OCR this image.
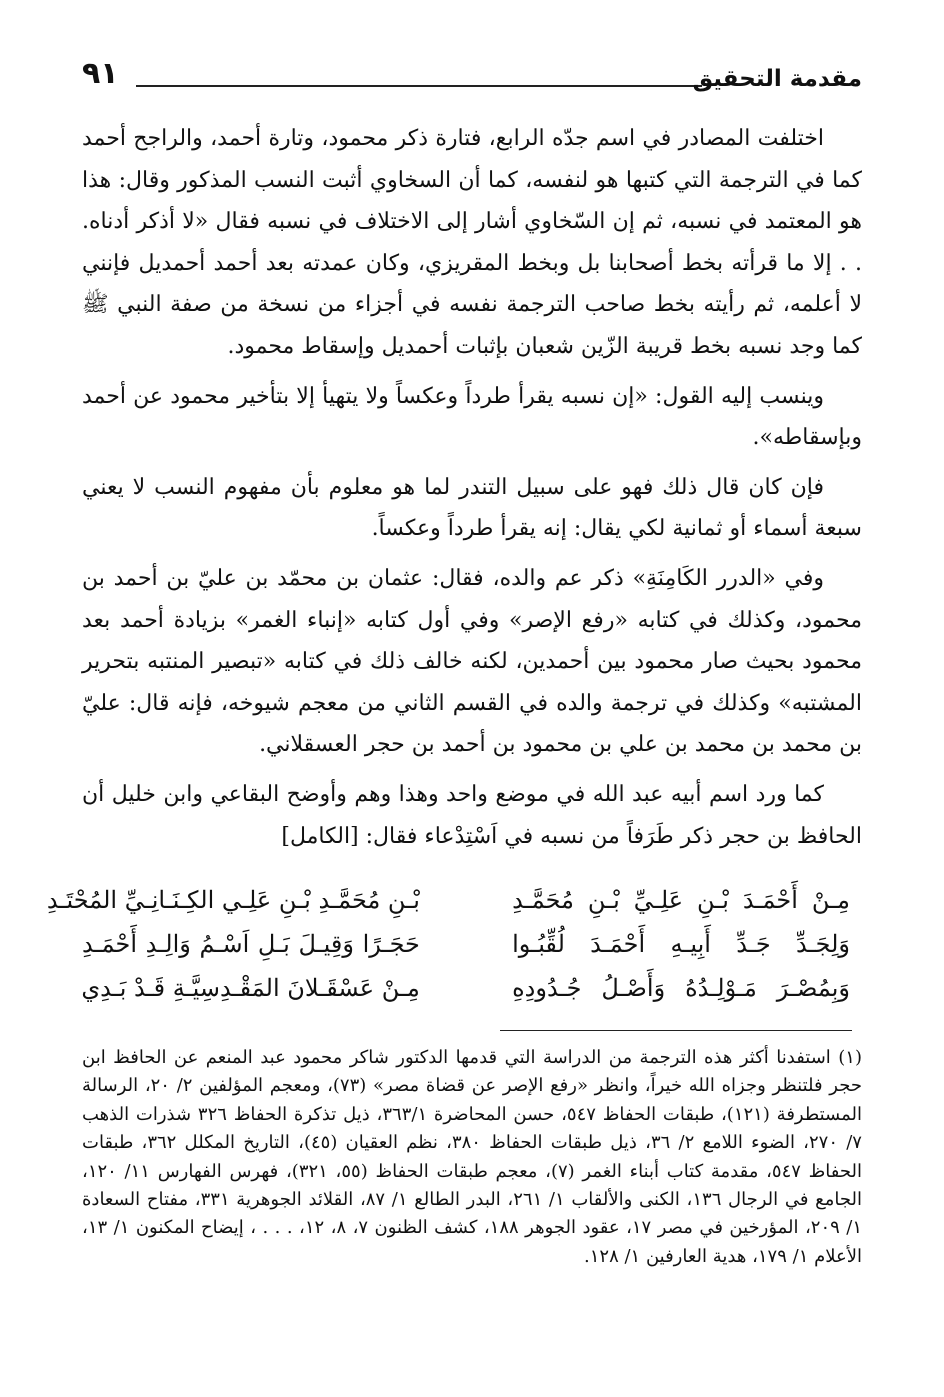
٩١	مقدمة التحقيق

اختلفت المصادر في اسم جدّه الرابع، فتارة ذكر محمود، وتارة أحمد، والراجح أحمد كما في الترجمة التي كتبها هو لنفسه، كما أن السخاوي أثبت النسب المذكور وقال: هذا هو المعتمد في نسبه، ثم إن السّخاوي أشار إلى الاختلاف في نسبه فقال «لا أذكر أدناه. . . إلا ما قرأته بخط أصحابنا بل وبخط المقريزي، وكان عمدته بعد أحمد أحمديل فإنني لا أعلمه، ثم رأيته بخط صاحب الترجمة نفسه في أجزاء من نسخة من صفة النبي ﷺ كما وجد نسبه بخط قريبة الزّين شعبان بإثبات أحمديل وإسقاط محمود.

وينسب إليه القول: «إن نسبه يقرأ طرداً وعكساً ولا يتهيأ إلا بتأخير محمود عن أحمد وبإسقاطه».

فإن كان قال ذلك فهو على سبيل التندر لما هو معلوم بأن مفهوم النسب لا يعني سبعة أسماء أو ثمانية لكي يقال: إنه يقرأ طرداً وعكساً.

وفي «الدرر الكَامِنَةِ» ذكر عم والده، فقال: عثمان بن محمّد بن عليّ بن أحمد بن محمود، وكذلك في كتابه «رفع الإصر» وفي أول كتابه «إنباء الغمر» بزيادة أحمد بعد محمود بحيث صار محمود بين أحمدين، لكنه خالف ذلك في كتابه «تبصير المنتبه بتحرير المشتبه» وكذلك في ترجمة والده في القسم الثاني من معجم شيوخه، فإنه قال: عليّ بن محمد بن محمد بن علي بن محمود بن أحمد بن حجر العسقلاني.

كما ورد اسم أبيه عبد الله في موضع واحد وهذا وهم وأوضح البقاعي وابن خليل أن الحافظ بن حجر ذكر طَرَفاً من نسبه في اَسْتِدْعاء فقال: [الكامل]

مِـنْ أَحْمَـدَ بْـنِ عَلِـيِّ بْـنِ مُحَمَّـدِ
بْـنِ مُحَمَّـدِ بْـنِ عَلِـي الكِـنَـانِـيِّ المُحْتَـدِ
وَلِجَـدِّ جَـدِّ أَبِيـهِ أَحْمَـدَ لُقِّبُـوا
حَجَـرًا وَقِيـلَ بَـلِ اَسْـمُ وَالِـدِ أَحْمَـدِ
وَبِمُصْـرَ مَـوْلِـدُهُ وَأَصْـلُ جُـدُودِهِ
مِـنْ عَسْقَـلانَ المَقْـدِسِيَّـةِ قَـدْ بَـدِي

(١) استفدنا أكثر هذه الترجمة من الدراسة التي قدمها الدكتور شاكر محمود عبد المنعم عن الحافظ ابن حجر فلتنظر وجزاه الله خيراً، وانظر «رفع الإصر عن قضاة مصر» (٧٣)، ومعجم المؤلفين ٢/ ٢٠، الرسالة المستطرفة (١٢١)، طبقات الحفاظ ٥٤٧، حسن المحاضرة ٣٦٣/١، ذيل تذكرة الحفاظ ٣٢٦ شذرات الذهب ٧/ ٢٧٠، الضوء اللامع ٢/ ٣٦، ذيل طبقات الحفاظ ٣٨٠، نظم العقيان (٤٥)، التاريخ المكلل ٣٦٢، طبقات الحفاظ ٥٤٧، مقدمة كتاب أبناء الغمر (٧)، معجم طبقات الحفاظ (٥٥، ٣٢١)، فهرس الفهارس ١١/ ١٢٠، الجامع في الرجال ١٣٦، الكنى والألقاب ١/ ٢٦١، البدر الطالع ١/ ٨٧، القلائد الجوهرية ٣٣١، مفتاح السعادة ١/ ٢٠٩، المؤرخين في مصر ١٧، عقود الجوهر ١٨٨، كشف الظنون ٧، ٨، ١٢، . . . ، إيضاح المكنون ١/ ١٣، الأعلام ١/ ١٧٩، هدية العارفين ١/ ١٢٨.
